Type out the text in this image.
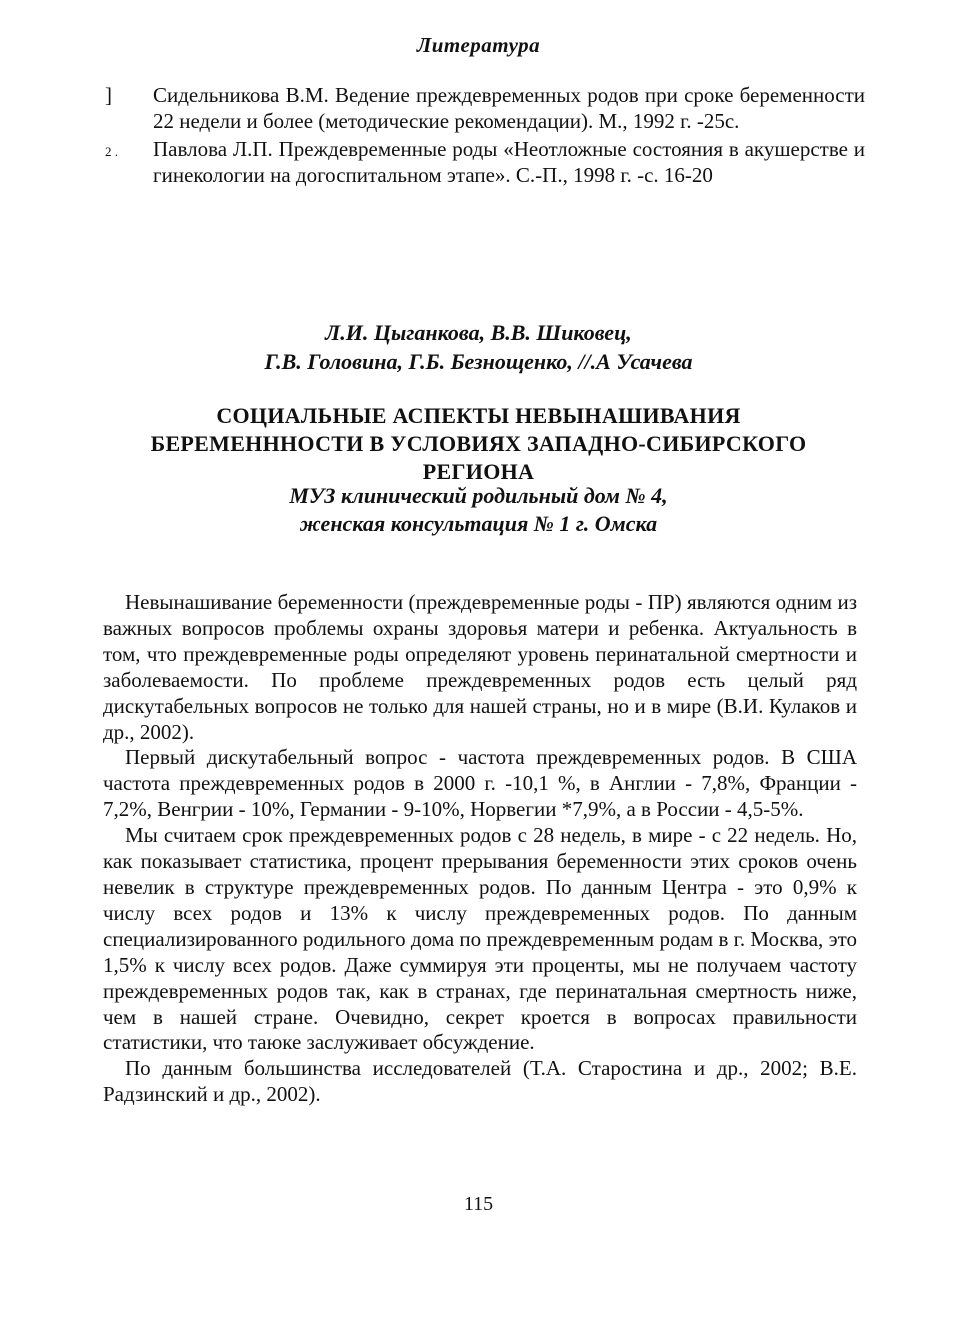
Литература
]	Сидельникова В.М. Ведение преждевременных родов при сроке беременности 22 недели и более (методические рекомендации). М., 1992 г. -25с.
2 .	Павлова Л.П. Преждевременные роды «Неотложные состояния в акушерстве и гинекологии на догоспитальном этапе». С.-П., 1998 г. -с. 16-20
Л.И. Цыганкова, В.В. Шиковец,
Г.В. Головина, Г.Б. Безнощенко, //.А Усачева
СОЦИАЛЬНЫЕ АСПЕКТЫ НЕВЫНАШИВАНИЯ
БЕРЕМЕНННОСТИ В УСЛОВИЯХ ЗАПАДНО-СИБИРСКОГО
РЕГИОНА
МУЗ клинический родильный дом № 4,
женская консультация № 1 г. Омска

Невынашивание беременности (преждевременные роды - ПР) являются одним из важных вопросов проблемы охраны здоровья матери и ребенка. Актуальность в том, что преждевременные роды определяют уровень перинатальной смертности и заболеваемости. По проблеме преждевременных родов есть целый ряд дискутабельных вопросов не только для нашей страны, но и в мире (В.И. Кулаков и др., 2002).

Первый дискутабельный вопрос - частота преждевременных родов. В США частота преждевременных родов в 2000 г. -10,1 %, в Англии - 7,8%, Франции - 7,2%, Венгрии - 10%, Германии - 9-10%, Норвегии *7,9%, а в России - 4,5-5%.

Мы считаем срок преждевременных родов с 28 недель, в мире - с 22 недель. Но, как показывает статистика, процент прерывания беременности этих сроков очень невелик в структуре преждевременных родов. По данным Центра - это 0,9% к числу всех родов и 13% к числу преждевременных родов. По данным специализированного родильного дома по преждевременным родам в г. Москва, это 1,5% к числу всех родов. Даже суммируя эти проценты, мы не получаем частоту преждевременных родов так, как в странах, где перинатальная смертность ниже, чем в нашей стране. Очевидно, секрет кроется в вопросах правильности статистики, что таюке заслуживает обсуждение.

По данным большинства исследователей (Т.А. Старостина и др., 2002; В.Е. Радзинский и др., 2002).

115
